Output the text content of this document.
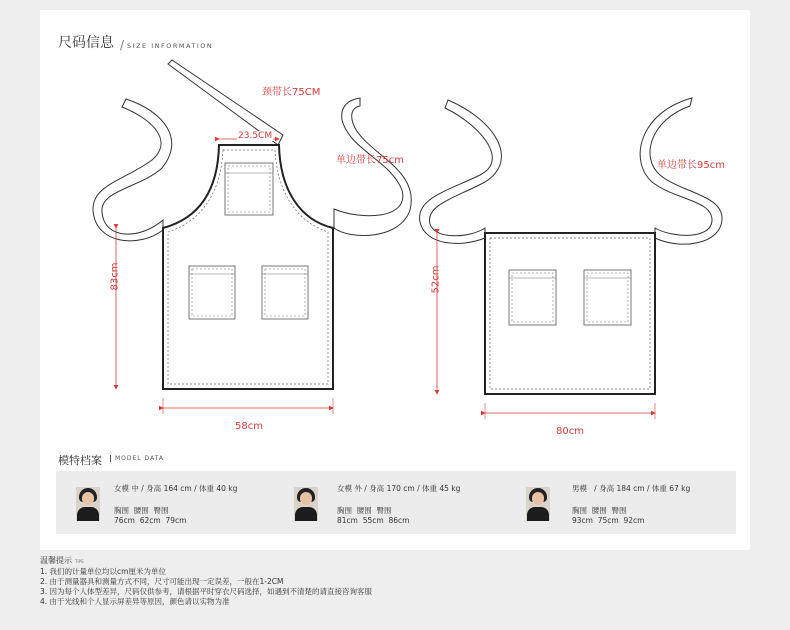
尺码信息
/	SIZE INFORMATION
颈带长75CM
23.5CM
单边带长75cm
83cm
58cm
单边带长95cm
52cm
80cm
模特档案	MODEL DATA
女模 中 / 身高 164 cm / 体重 40 kg
胸围  腰围  臀围
76cm  62cm  79cm
女模 外 / 身高 170 cm / 体重 45 kg
胸围  腰围  臀围
81cm  55cm  86cm
男模   / 身高 184 cm / 体重 67 kg
胸围  腰围  臀围
93cm  75cm  92cm
温馨提示 TIPS
1. 我们的计量单位均以cm厘米为单位
2. 由于测量器具和测量方式不同，尺寸可能出现一定误差，一般在1-2CM
3. 因为每个人体型差异，尺码仅供参考，请根据平时穿衣尺码选择，如遇到不清楚的请直接咨询客服
4. 由于光线和个人显示屏差异等原因，颜色请以实物为准
